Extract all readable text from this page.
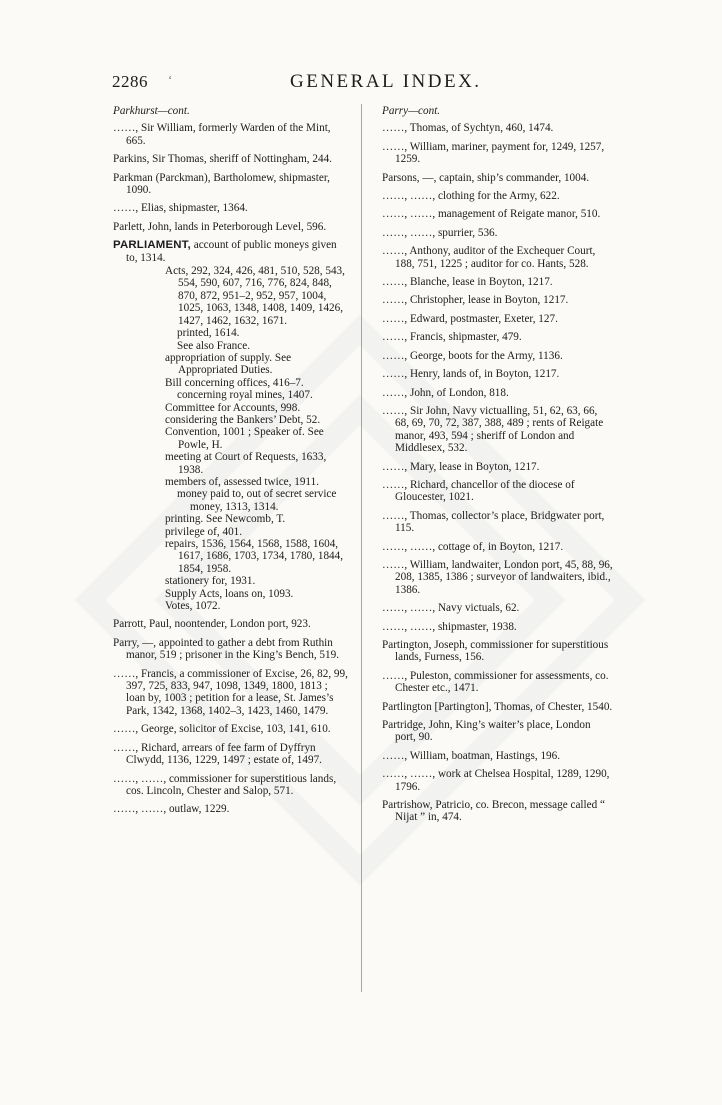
2286 ‘	GENERAL INDEX.
Parkhurst—cont.
……, Sir William, formerly Warden of the Mint, 665.
Parkins, Sir Thomas, sheriff of Nottingham, 244.
Parkman (Parckman), Bartholomew, shipmaster, 1090.
……, Elias, shipmaster, 1364.
Parlett, John, lands in Peterborough Level, 596.
PARLIAMENT, account of public moneys given to, 1314.
Acts, 292, 324, 426, 481, 510, 528, 543, 554, 590, 607, 716, 776, 824, 848, 870, 872, 951–2, 952, 957, 1004, 1025, 1063, 1348, 1408, 1409, 1426, 1427, 1462, 1632, 1671.
printed, 1614.
See also France.
appropriation of supply. See Appropriated Duties.
Bill concerning offices, 416–7.
concerning royal mines, 1407.
Committee for Accounts, 998.
considering the Bankers’ Debt, 52.
Convention, 1001 ; Speaker of. See Powle, H.
meeting at Court of Requests, 1633, 1938.
members of, assessed twice, 1911.
money paid to, out of secret service money, 1313, 1314.
printing. See Newcomb, T.
privilege of, 401.
repairs, 1536, 1564, 1568, 1588, 1604, 1617, 1686, 1703, 1734, 1780, 1844, 1854, 1958.
stationery for, 1931.
Supply Acts, loans on, 1093.
Votes, 1072.
Parrott, Paul, noontender, London port, 923.
Parry, —, appointed to gather a debt from Ruthin manor, 519 ; prisoner in the King’s Bench, 519.
……, Francis, a commissioner of Excise, 26, 82, 99, 397, 725, 833, 947, 1098, 1349, 1800, 1813 ; loan by, 1003 ; petition for a lease, St. James’s Park, 1342, 1368, 1402–3, 1423, 1460, 1479.
……, George, solicitor of Excise, 103, 141, 610.
……, Richard, arrears of fee farm of Dyffryn Clwydd, 1136, 1229, 1497 ; estate of, 1497.
……, ……, commissioner for superstitious lands, cos. Lincoln, Chester and Salop, 571.
……, ……, outlaw, 1229.
Parry—cont.
……, Thomas, of Sychtyn, 460, 1474.
……, William, mariner, payment for, 1249, 1257, 1259.
Parsons, —, captain, ship’s commander, 1004.
……, ……, clothing for the Army, 622.
……, ……, management of Reigate manor, 510.
……, ……, spurrier, 536.
……, Anthony, auditor of the Exchequer Court, 188, 751, 1225 ; auditor for co. Hants, 528.
……, Blanche, lease in Boyton, 1217.
……, Christopher, lease in Boyton, 1217.
……, Edward, postmaster, Exeter, 127.
……, Francis, shipmaster, 479.
……, George, boots for the Army, 1136.
……, Henry, lands of, in Boyton, 1217.
……, John, of London, 818.
……, Sir John, Navy victualling, 51, 62, 63, 66, 68, 69, 70, 72, 387, 388, 489 ; rents of Reigate manor, 493, 594 ; sheriff of London and Middlesex, 532.
……, Mary, lease in Boyton, 1217.
……, Richard, chancellor of the diocese of Gloucester, 1021.
……, Thomas, collector’s place, Bridgwater port, 115.
……, ……, cottage of, in Boyton, 1217.
……, William, landwaiter, London port, 45, 88, 96, 208, 1385, 1386 ; surveyor of landwaiters, ibid., 1386.
……, ……, Navy victuals, 62.
……, ……, shipmaster, 1938.
Partington, Joseph, commissioner for superstitious lands, Furness, 156.
……, Puleston, commissioner for assessments, co. Chester etc., 1471.
Partlington [Partington], Thomas, of Chester, 1540.
Partridge, John, King’s waiter’s place, London port, 90.
……, William, boatman, Hastings, 196.
……, ……, work at Chelsea Hospital, 1289, 1290, 1796.
Partrishow, Patricio, co. Brecon, message called “ Nijat ” in, 474.
